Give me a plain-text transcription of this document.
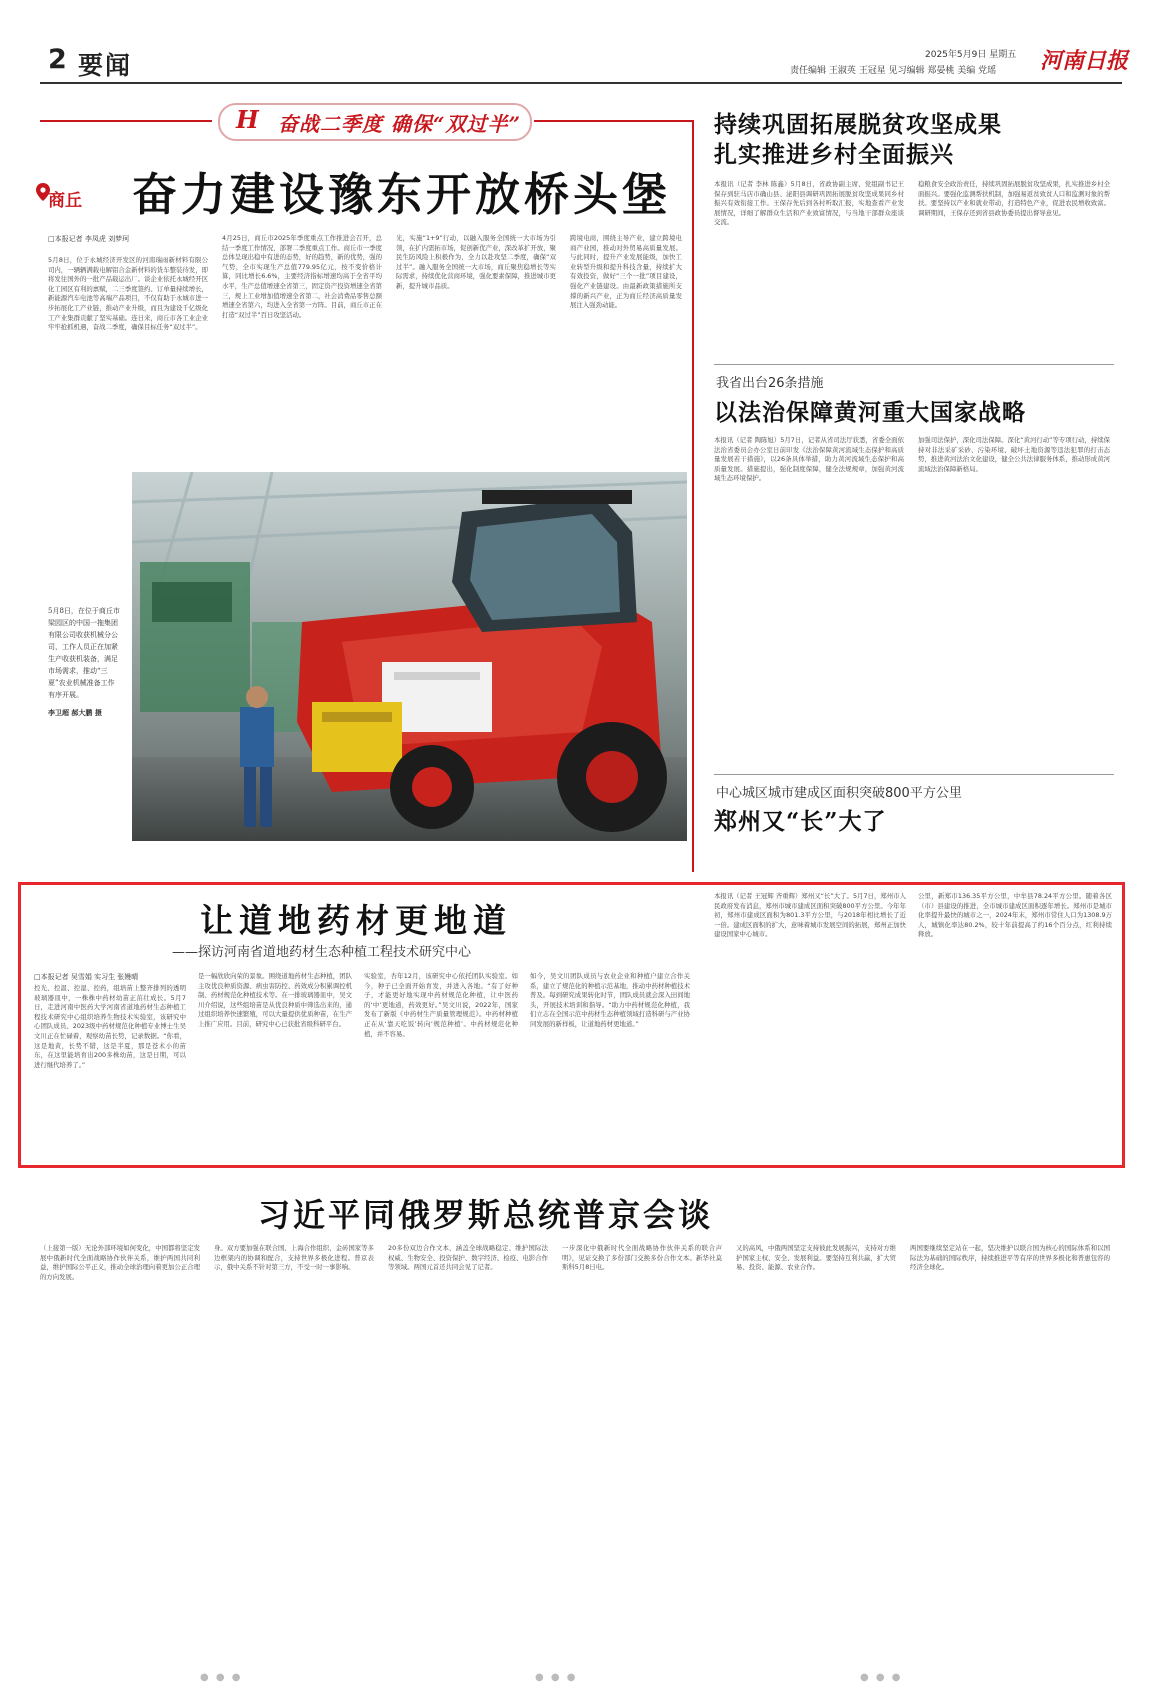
2 要闻	2025年5月9日 星期五
责任编辑 王淑英 王冠星 见习编辑 郑晏桃 美编 党瑶 河南日报
H 奋战二季度 确保“双过半”
商丘 奋力建设豫东开放桥头堡
□本报记者 李凤虎 刘梦珂
5月8日，位于永城经济开发区的河南瑞雨新材料有限公司内，一辆辆满载电解铝合金新材料的货车整装待发，即将发往国外的一批产品载运出厂。谈企业依托永城经开区化工园区有利的禀赋，二三季度签约、订单量持续增长，新能源汽车电池等高端产品项目，不仅有助于永城市进一步拓展化工产业链，推动产业升级，而且为建设千亿级化工产业集群贡献了坚实基础。连日来，商丘市各工业企业牢牢抢抓机遇，奋战二季度，确保目标任务“双过半”。
4月25日，商丘市2025年季度重点工作推进会召开，总结一季度工作情况，部署二季度重点工作。商丘市一季度总体呈现出稳中有进的态势，好的趋势，新的优势，强的气势，全市实现生产总值779.95亿元，按不变价格计算，同比增长6.6%，主要经济指标增速均高于全省平均水平，生产总值增速全省第三，固定资产投资增速全省第三，规上工业增加值增速全省第二，社会消费品零售总额增速全省第六，均进入全省第一方阵。目前，商丘市正在打造“双过半”百日攻坚活动。
光，实施“1+9”行动，以融入服务全国统一大市场为引领，在扩内需拓市场，促创新优产业，深改革扩开放，聚民生防风险上积极作为，全力以赴攻坚二季度，确保“双过半”。融入服务全国统一大市场，商丘聚焦稳增长等实际需求，持续优化营商环境，强化要素保障，推进城市更新，提升城市品质。
跨境电商，围绕主导产业，建立跨境电商产业园，推动对外贸易高质量发展。与此同时，提升产业发展能级，加快工业转型升级和提升科技含量，持续扩大有效投资，做好“三个一批”项目建设，强化产业链建设。由最新政策措施所支撑的新兴产业，正为商丘经济高质量发展注入强劲动能。
5月8日，在位于商丘市梁园区的中国一拖集团有限公司收获机械分公司，工作人员正在加紧生产收获机装备，满足市场需求，推动“三夏”农业机械准备工作有序开展。
李卫超 郝大鹏 摄
持续巩固拓展脱贫攻坚成果
扎实推进乡村全面振兴
本报讯（记者 李林 陈鑫）5月8日，省政协副主席、党组副书记王保存到驻马店市确山县、泌阳县调研巩固拓展脱贫攻坚成果同乡村振兴有效衔接工作。王保存先后到各村听取汇报，实地查看产业发展情况，详细了解群众生活和产业致富情况，与当地干部群众座谈交流。
稳粮食安全政治责任，持续巩固拓展脱贫攻坚成果，扎实推进乡村全面振兴。要强化监测帮扶机制，加强易返贫致贫人口和监测对象的帮扶。要坚持以产业和就业带动，打造特色产业，促进农民增收致富。调研期间，王保存还到省县政协委员提出督导意见。
我省出台26条措施
以法治保障黄河重大国家战略
本报讯（记者 陶陈旭）5月7日，记者从省司法厅获悉，省委全面依法治省委员会办公室日前印发《法治保障黄河流域生态保护和高质量发展若干措施》，以26条具体举措，助力黄河流域生态保护和高质量发展。措施提出，强化制度保障，健全法规规章，加强黄河流域生态环境保护。
加强司法保护，深化司法保障。深化“黄河行动”等专项行动，持续保持对非法采矿采砂、污染环境、破坏土地资源等违法犯罪的打击态势，推进黄河法治文化建设，健全公共法律服务体系，推动形成黄河流域法治保障新格局。
中心城区城市建成区面积突破800平方公里
郑州又“长”大了
让道地药材更地道
——探访河南省道地药材生态种植工程技术研究中心
□本报记者 吴雪娟 实习生 张嫚晴
控光、控温、控湿、控药，组培苗上整齐排列的透明玻璃器皿中，一株株中药材幼苗正茁壮成长。5月7日，走进河南中医药大学河南省道地药材生态种植工程技术研究中心组织培养生物技术实验室，该研究中心团队成员、2023级中药材规范化种植专业博士生吴文川正在忙碌着，观察幼苗长势，记录数据。“你看，这是地黄，长势不错，这是半夏，那是苍术小的苗东，在这里能培育出200多株幼苗，这是日期，可以进行继代培养了。”
是一幅欣欣向荣的景象。围绕道地药材生态种植，团队主攻优良种质资源、病虫害防控、药效成分积累调控机制、药材规范化种植技术等。在一排玻璃器皿中，吴文川介绍说，这些组培苗是从优良种质中筛选出来的，通过组织培养快速繁殖，可以大量提供优质种苗，在生产上推广应用。目前，研究中心已获批省级科研平台。
实验室，杏年12月，该研究中心依托团队实验室。如今，种子已全面开始育发，并进入各地。“有了好种子，才能更好地实现中药材规范化种植，让中医药的‘中’更地道，药效更好。”吴文川说，2022年，国家发布了新版《中药材生产质量管理规范》。中药材种植正在从‘靠天吃饭’转向‘规范种植’。中药材规范化种植，并不容易。
如今，吴文川团队成员与农业企业和种植户建立合作关系，建立了规范化的种植示范基地，推动中药材种植技术普及。每到研究成果转化时节，团队成员就会深入田间地头，开展技术培训和指导。“助力中药材规范化种植，我们立志在全国示范中药材生态种植领域打造科研与产业协同发展的新样板，让道地药材更地道。”
本报讯（记者 王冠辉 齐重辉）郑州又“长”大了。5月7日，郑州市人民政府发布消息，郑州市城市建成区面积突破800平方公里。今年年初，郑州市建成区面积为801.3平方公里，与2018年相比增长了近一倍。建成区面积的扩大，意味着城市发展空间的拓展，郑州正加快建设国家中心城市。
公里，新郑市136.35平方公里，中牟县78.24平方公里。随着各区（市）县建设的推进，全市城市建成区面积逐年增长。郑州市是城市化率提升最快的城市之一，2024年末，郑州市常住人口为1308.9万人，城镇化率达80.2%，较十年前提高了约16个百分点，红利持续释放。
习近平同俄罗斯总统普京会谈
（上接第一版）无论外部环境如何变化，中国都将坚定发展中俄新时代全面战略协作伙伴关系，维护两国共同利益，维护国际公平正义，推动全球治理向着更加公正合理的方向发展。
身。双方要加强在联合国、上海合作组织、金砖国家等多边框架内的协调和配合，支持世界多极化进程。普京表示，俄中关系不针对第三方，不受一时一事影响。
20多份双边合作文本，涵盖全球战略稳定、维护国际法权威、生物安全、投资保护、数字经济、检疫、电影合作等领域。两国元首还共同会见了记者。
一步深化中俄新时代全面战略协作伙伴关系的联合声明》，见证交换了多份部门交换多份合作文本。新华社莫斯科5月8日电。
又的高风，中俄两国坚定支持彼此发展振兴，支持对方维护国家主权、安全、发展利益。要坚持互利共赢，扩大贸易、投资、能源、农业合作。
两国要继续坚定站在一起，坚决维护以联合国为核心的国际体系和以国际法为基础的国际秩序，持续推进平等有序的世界多极化和普惠包容的经济全球化。
● ● ●	● ● ●	● ● ●
